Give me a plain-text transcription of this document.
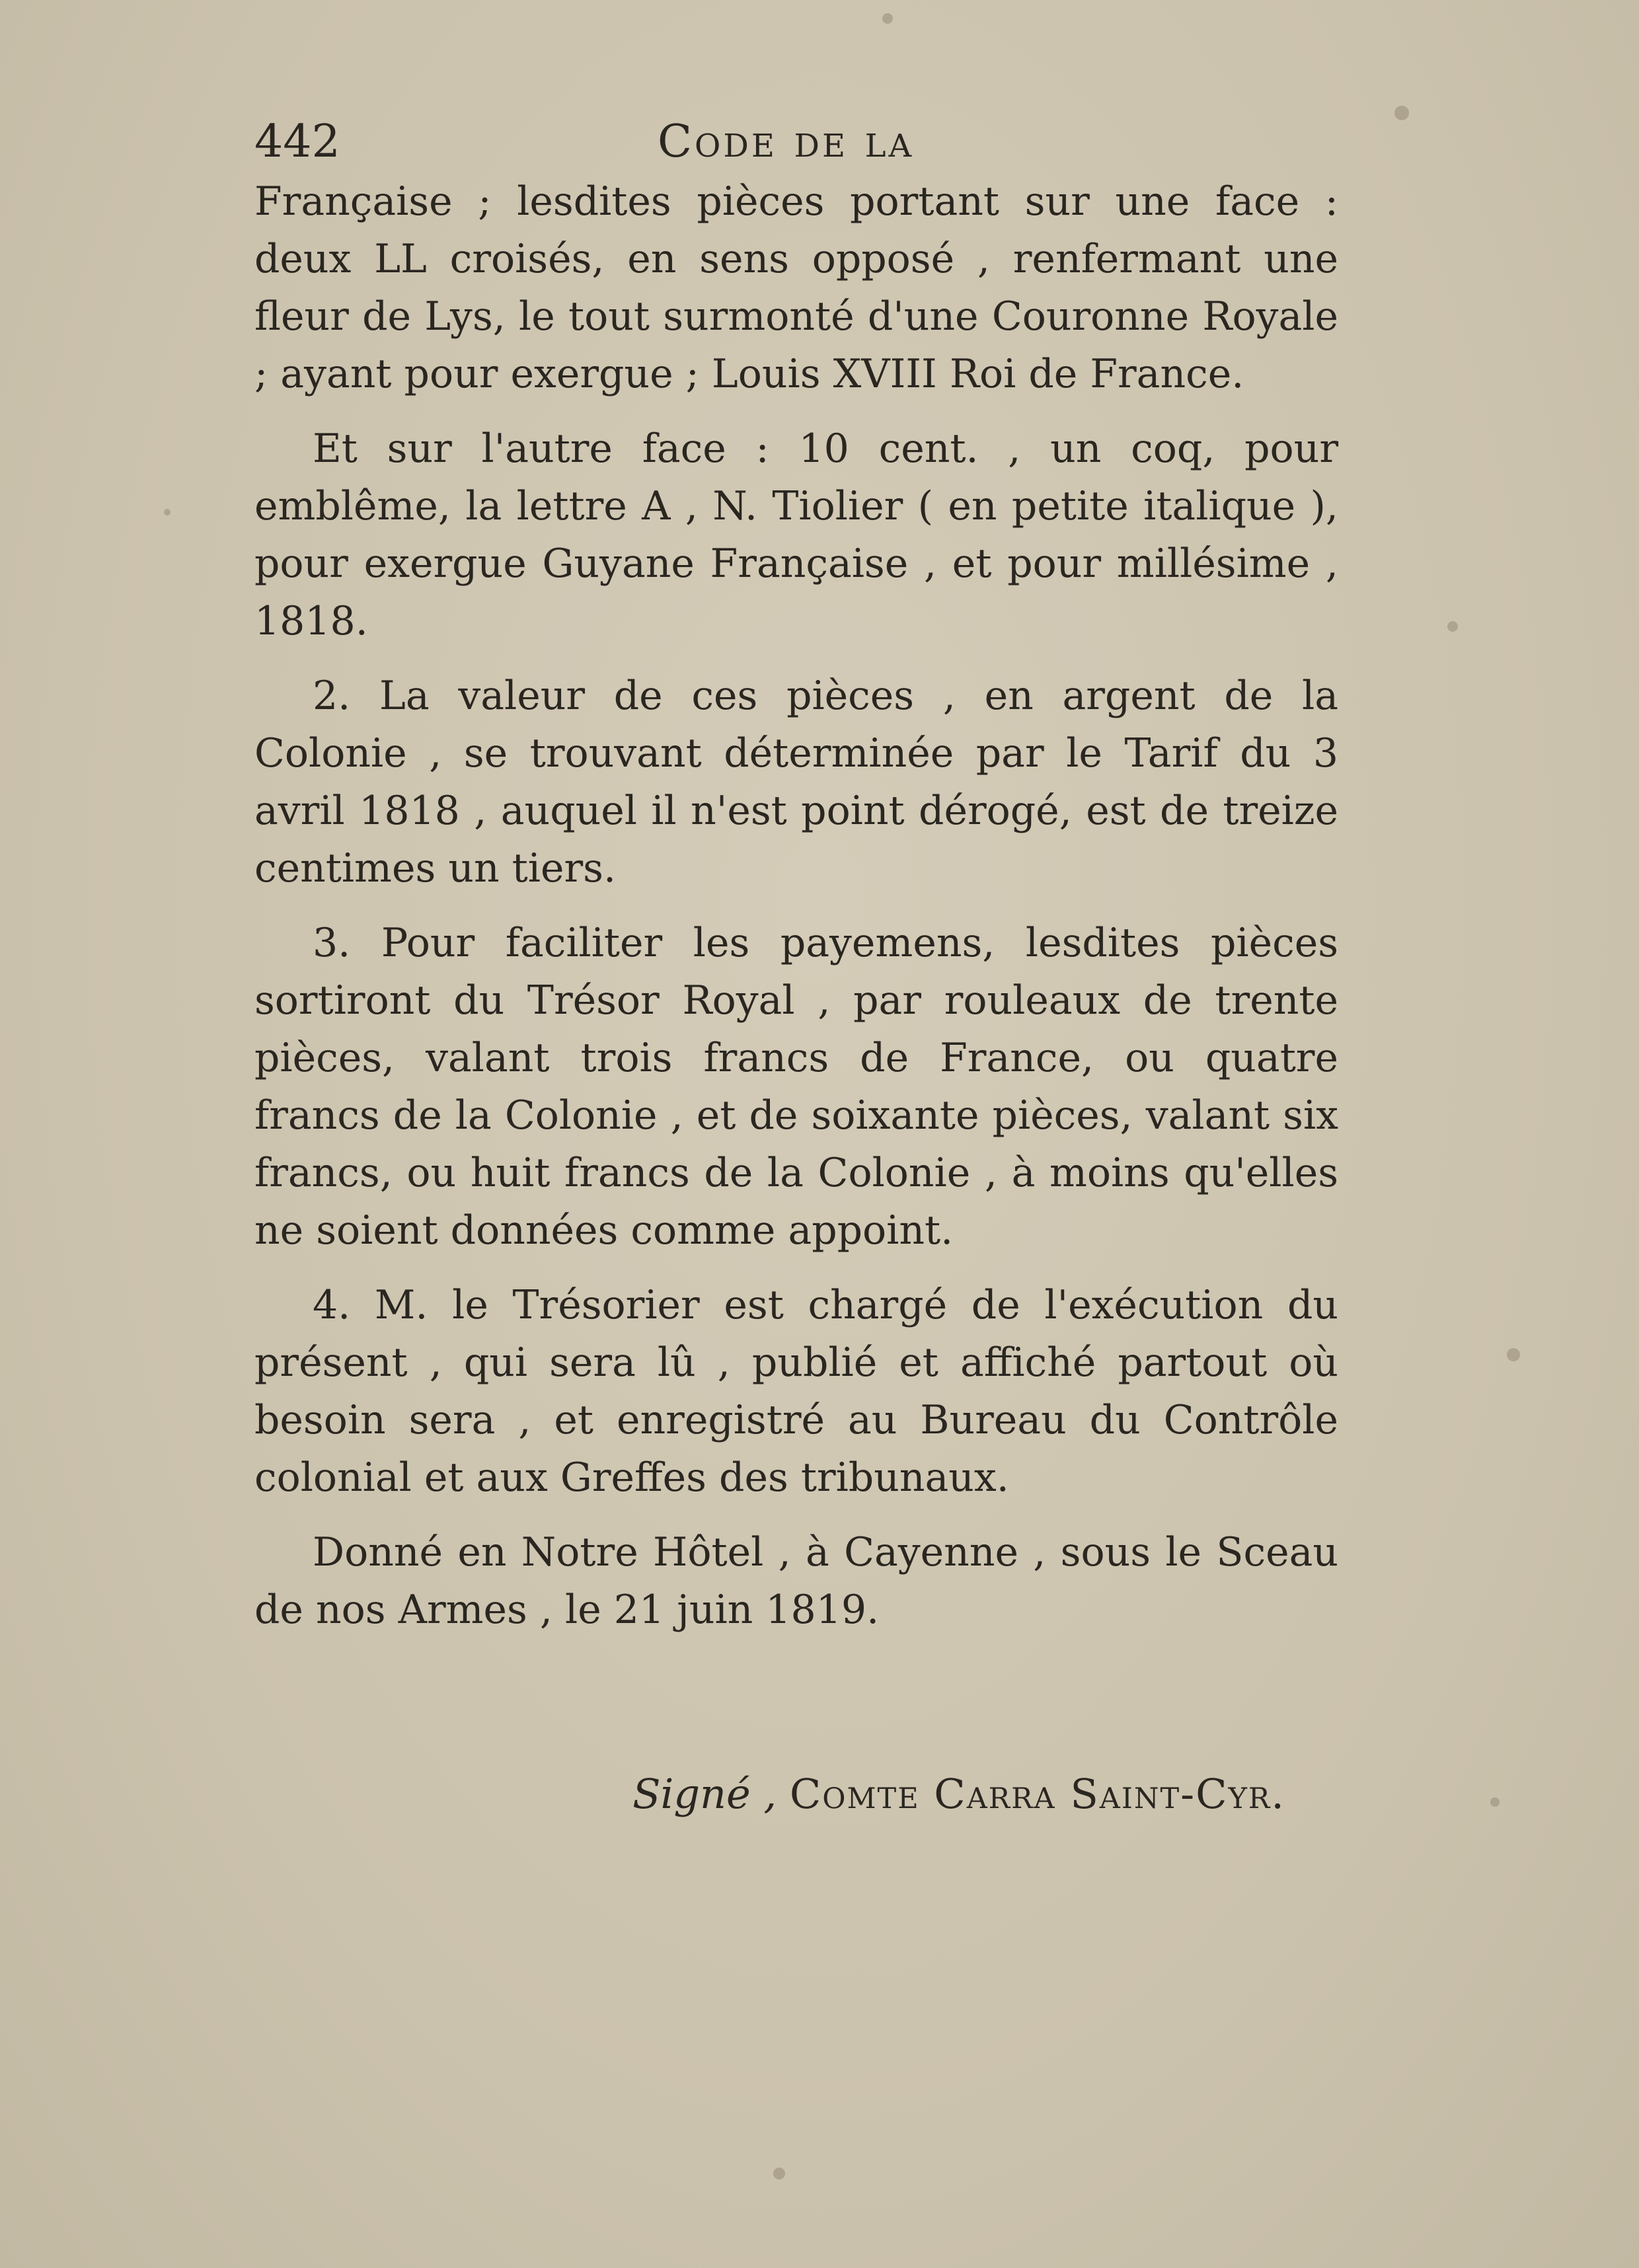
442	Code de la

Française ; lesdites pièces portant sur une face : deux LL croisés, en sens opposé , renfermant une fleur de Lys, le tout surmonté d'une Couronne Royale ; ayant pour exergue ; Louis XVIII Roi de France.

Et sur l'autre face : 10 cent. , un coq, pour emblême, la lettre A , N. Tiolier ( en petite italique ), pour exergue Guyane Française , et pour millésime , 1818.

2. La valeur de ces pièces , en argent de la Colonie , se trouvant déterminée par le Tarif du 3 avril 1818 , auquel il n'est point dérogé, est de treize centimes un tiers.

3. Pour faciliter les payemens, lesdites pièces sortiront du Trésor Royal , par rouleaux de trente pièces, valant trois francs de France, ou quatre francs de la Colonie , et de soixante pièces, valant six francs, ou huit francs de la Colonie , à moins qu'elles ne soient données comme appoint.

4. M. le Trésorier est chargé de l'exécution du présent , qui sera lû , publié et affiché partout où besoin sera , et enregistré au Bureau du Contrôle colonial et aux Greffes des tribunaux.

Donné en Notre Hôtel , à Cayenne , sous le Sceau de nos Armes , le 21 juin 1819.

Signé , Comte Carra Saint-Cyr.
